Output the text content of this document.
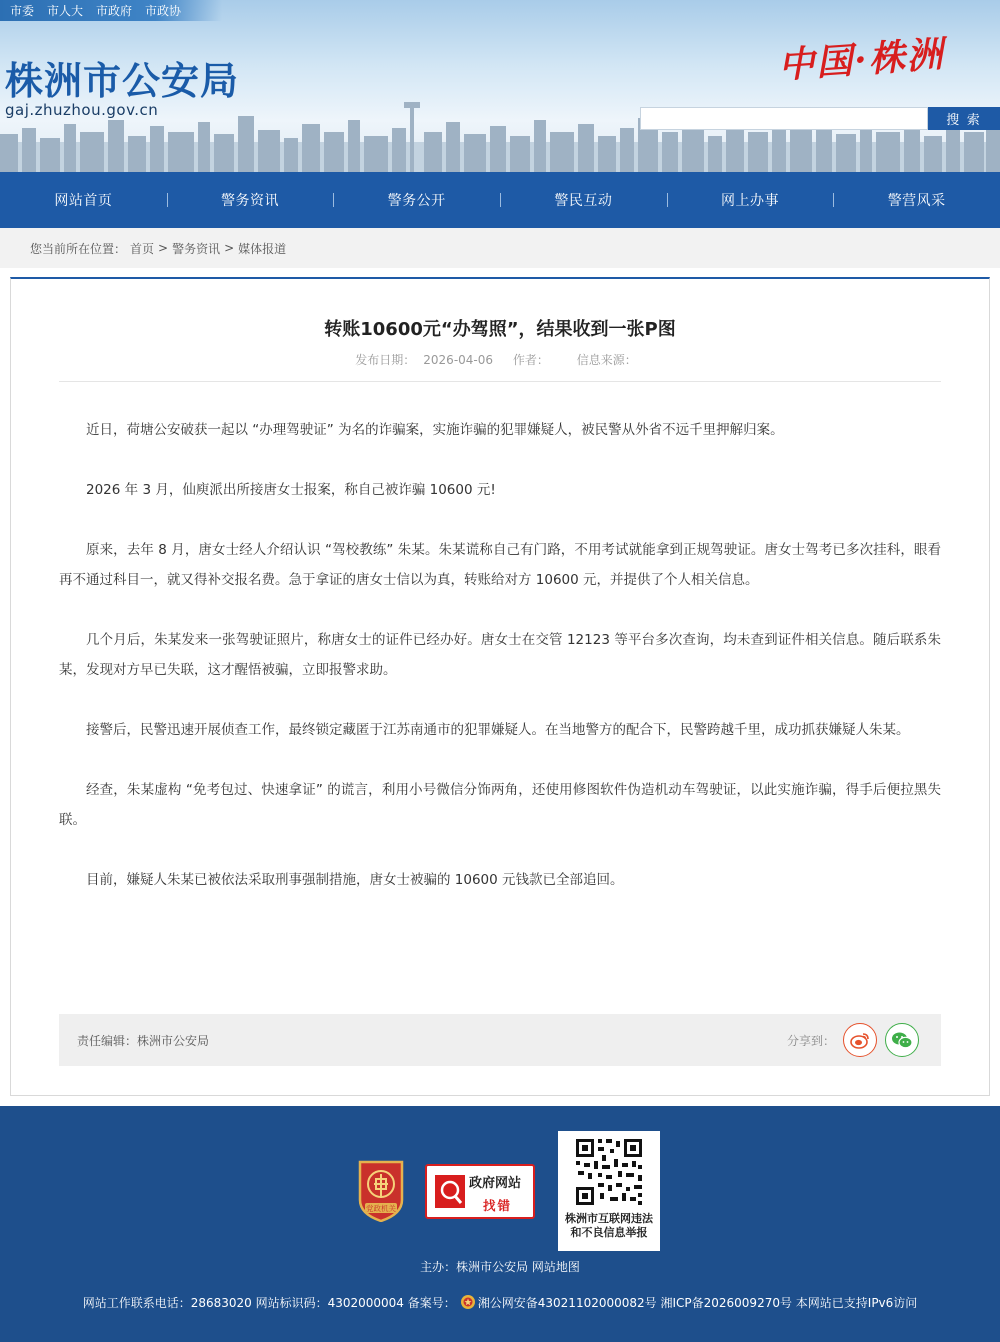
市委 市人大 市政府 市政协
株洲市公安局
gaj.zhuzhou.gov.cn
中国·株洲
搜 索
网站首页	警务资讯	警务公开	警民互动	网上办事	警营风采
您当前所在位置： 首页 > 警务资讯 > 媒体报道
转账10600元“办驾照”，结果收到一张P图
发布日期： 2026-04-06 作者： 信息来源：

近日，荷塘公安破获一起以 “办理驾驶证” 为名的诈骗案，实施诈骗的犯罪嫌疑人，被民警从外省不远千里押解归案。

2026 年 3 月，仙庾派出所接唐女士报案，称自己被诈骗 10600 元!

原来，去年 8 月，唐女士经人介绍认识 “驾校教练” 朱某。朱某谎称自己有门路，不用考试就能拿到正规驾驶证。唐女士驾考已多次挂科，眼看再不通过科目一，就又得补交报名费。急于拿证的唐女士信以为真，转账给对方 10600 元，并提供了个人相关信息。

几个月后，朱某发来一张驾驶证照片，称唐女士的证件已经办好。唐女士在交管 12123 等平台多次查询，均未查到证件相关信息。随后联系朱某，发现对方早已失联，这才醒悟被骗，立即报警求助。

接警后，民警迅速开展侦查工作，最终锁定藏匿于江苏南通市的犯罪嫌疑人。在当地警方的配合下，民警跨越千里，成功抓获嫌疑人朱某。

经查，朱某虚构 “免考包过、快速拿证” 的谎言，利用小号微信分饰两角，还使用修图软件伪造机动车驾驶证，以此实施诈骗，得手后便拉黑失联。

目前，嫌疑人朱某已被依法采取刑事强制措施，唐女士被骗的 10600 元钱款已全部追回。

责任编辑： 株洲市公安局	分享到：
党政机关
政府网站
找错
株洲市互联网违法
和不良信息举报
主办：株洲市公安局 网站地图
网站工作联系电话：28683020 网站标识码：4302000004 备案号： 湘公网安备43021102000082号 湘ICP备2026009270号 本网站已支持IPv6访问
